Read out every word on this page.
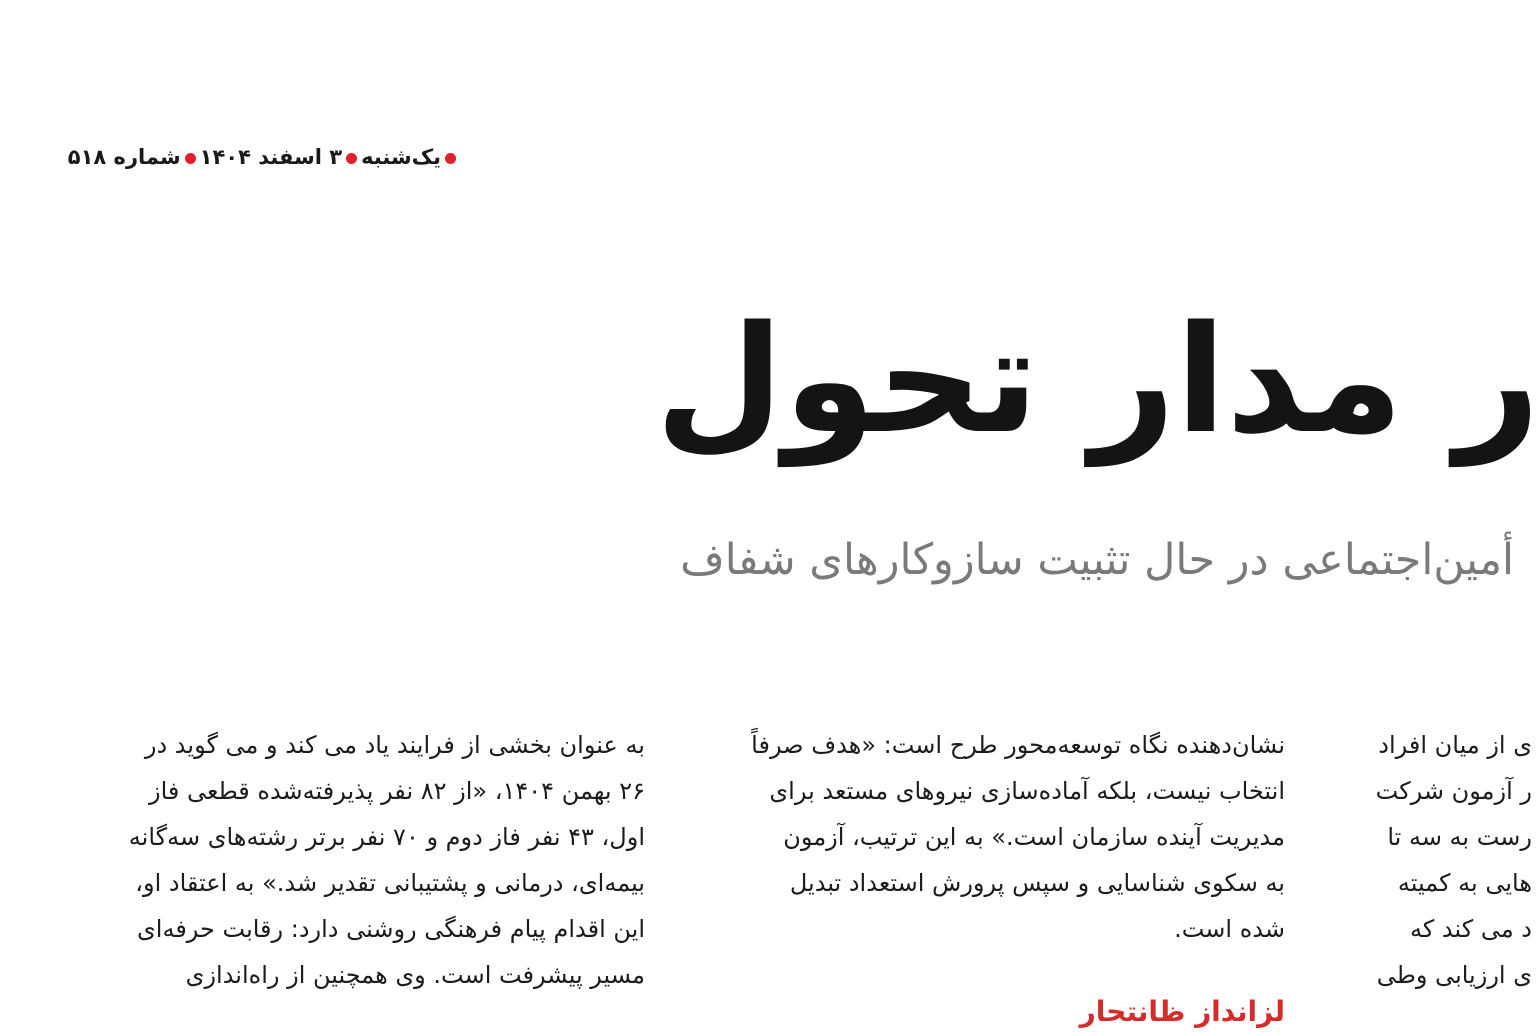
یک‌شنبه۳ اسفند ۱۴۰۴شماره ۵۱۸
ر مدار تحول
أمین‌اجتماعی در حال تثبیت سازوکارهای شفاف
ی از میان افراد
ر آزمون شرکت
رست به سه تا
هایی به کمیته
د می کند که
ی ارزیابی وطی
نشان‌دهنده نگاه توسعه‌محور طرح است: «هدف صرفاً
انتخاب نیست، بلکه آماده‌سازی نیروهای مستعد برای
مدیریت آینده سازمان است.» به این ترتیب، آزمون
به سکوی شناسایی و سپس پرورش استعداد تبدیل
شده است.
لزانداز ظانتحار
به عنوان بخشی از فرایند یاد می کند و می گوید در
۲۶ بهمن ۱۴۰۴، «از ۸۲ نفر پذیرفته‌شده قطعی فاز
اول، ۴۳ نفر فاز دوم و ۷۰ نفر برتر رشته‌های سه‌گانه
بیمه‌ای، درمانی و پشتیبانی تقدیر شد.» به اعتقاد او،
این اقدام پیام فرهنگی روشنی دارد: رقابت حرفه‌ای
مسیر پیشرفت است. وی همچنین از راه‌اندازی
